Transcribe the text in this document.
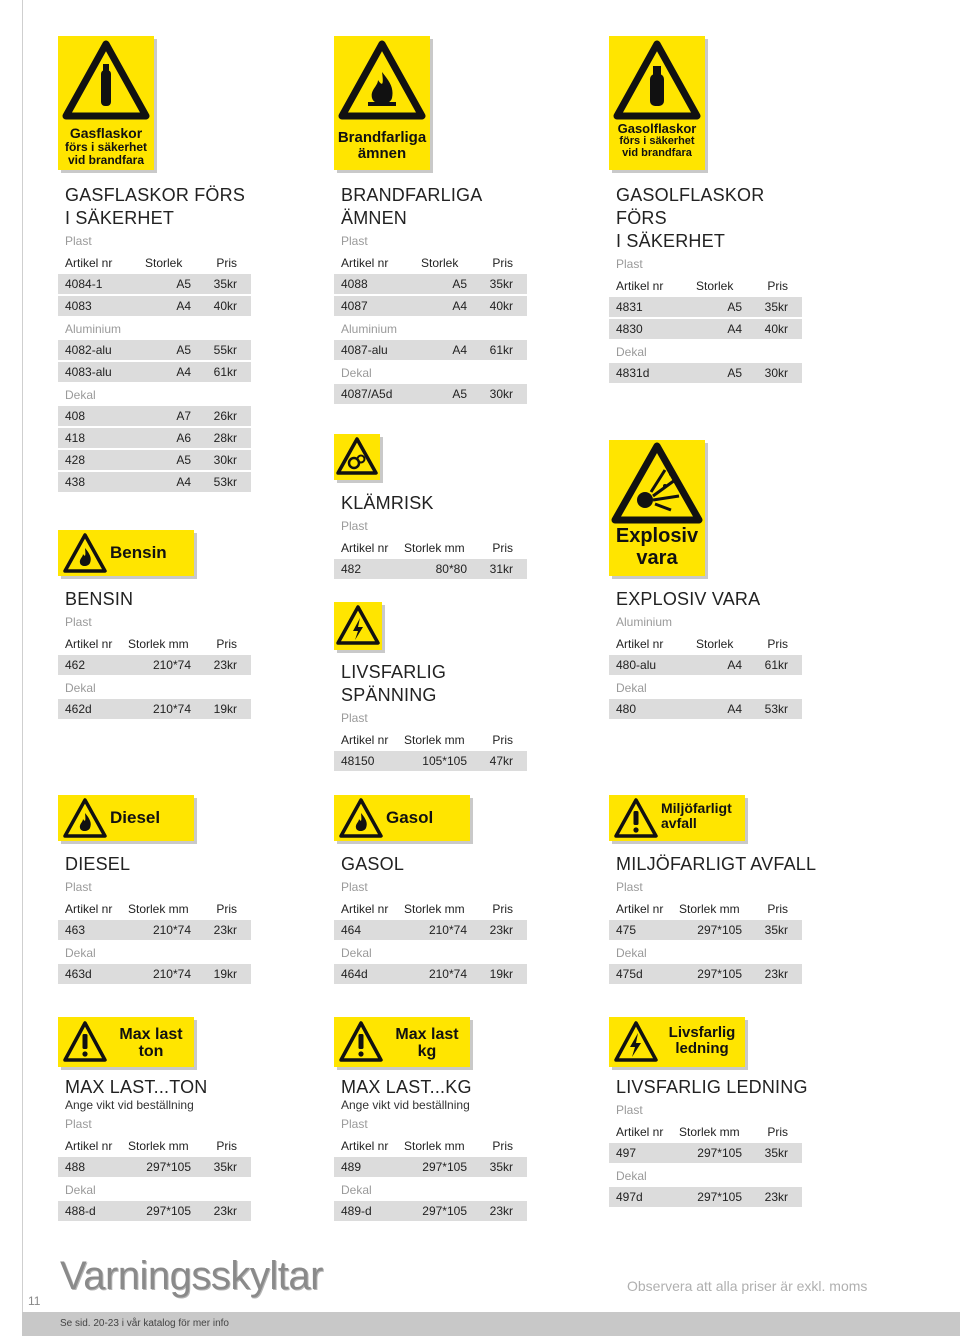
Gasflaskor
förs i säkerhet
vid brandfara
Brandfarliga
ämnen
Gasolflaskor
förs i säkerhet
vid brandfara
GASFLASKOR FÖRS
I SÄKERHET
Plast
Artikel nr	Storlek	Pris
4084-1	A5 35kr
4083	A4 40kr
Aluminium
4082-alu	A5 55kr
4083-alu	A4 61kr
Dekal
408	A7 26kr
418	A6 28kr
428	A5 30kr
438	A4 53kr
BRANDFARLIGA
ÄMNEN
Plast
Artikel nr	Storlek	Pris
4088	A5 35kr
4087	A4 40kr
Aluminium
4087-alu	A4 61kr
Dekal
4087/A5d	A5 30kr
GASOLFLASKOR FÖRS
I SÄKERHET
Plast
Artikel nr	Storlek	Pris
4831	A5 35kr
4830	A4 40kr
Dekal
4831d	A5 30kr
KLÄMRISK
Plast
Artikel nr Storlek mm Pris
482	80*80 31kr
LIVSFARLIG
SPÄNNING
Plast
Artikel nr Storlek mm Pris
48150	105*105 47kr
Bensin
BENSIN
Plast
Artikel nr Storlek mm Pris
462	210*74 23kr
Dekal
462d	210*74 19kr
Explosiv
vara
EXPLOSIV VARA
Aluminium
Artikel nr	Storlek	Pris
480-alu	A4 61kr
Dekal
480	A4 53kr
Diesel
DIESEL
Plast
Artikel nr Storlek mm Pris
463	210*74 23kr
Dekal
463d	210*74 19kr
Gasol
GASOL
Plast
Artikel nr Storlek mm Pris
464	210*74 23kr
Dekal
464d	210*74 19kr
Miljöfarligt
avfall
MILJÖFARLIGT AVFALL
Plast
Artikel nr Storlek mm Pris
475	297*105 35kr
Dekal
475d	297*105 23kr
Max last
ton
MAX LAST...TON
Ange vikt vid beställning
Plast
Artikel nr Storlek mm Pris
488	297*105 35kr
Dekal
488-d	297*105 23kr
Max last
kg
MAX LAST...KG
Ange vikt vid beställning
Plast
Artikel nr Storlek mm Pris
489	297*105 35kr
Dekal
489-d	297*105 23kr
Livsfarlig
ledning
LIVSFARLIG LEDNING
Plast
Artikel nr Storlek mm Pris
497	297*105 35kr
Dekal
497d	297*105 23kr
Varningsskyltar	Observera att alla priser är exkl. moms
11
Se sid. 20-23 i vår katalog för mer info
